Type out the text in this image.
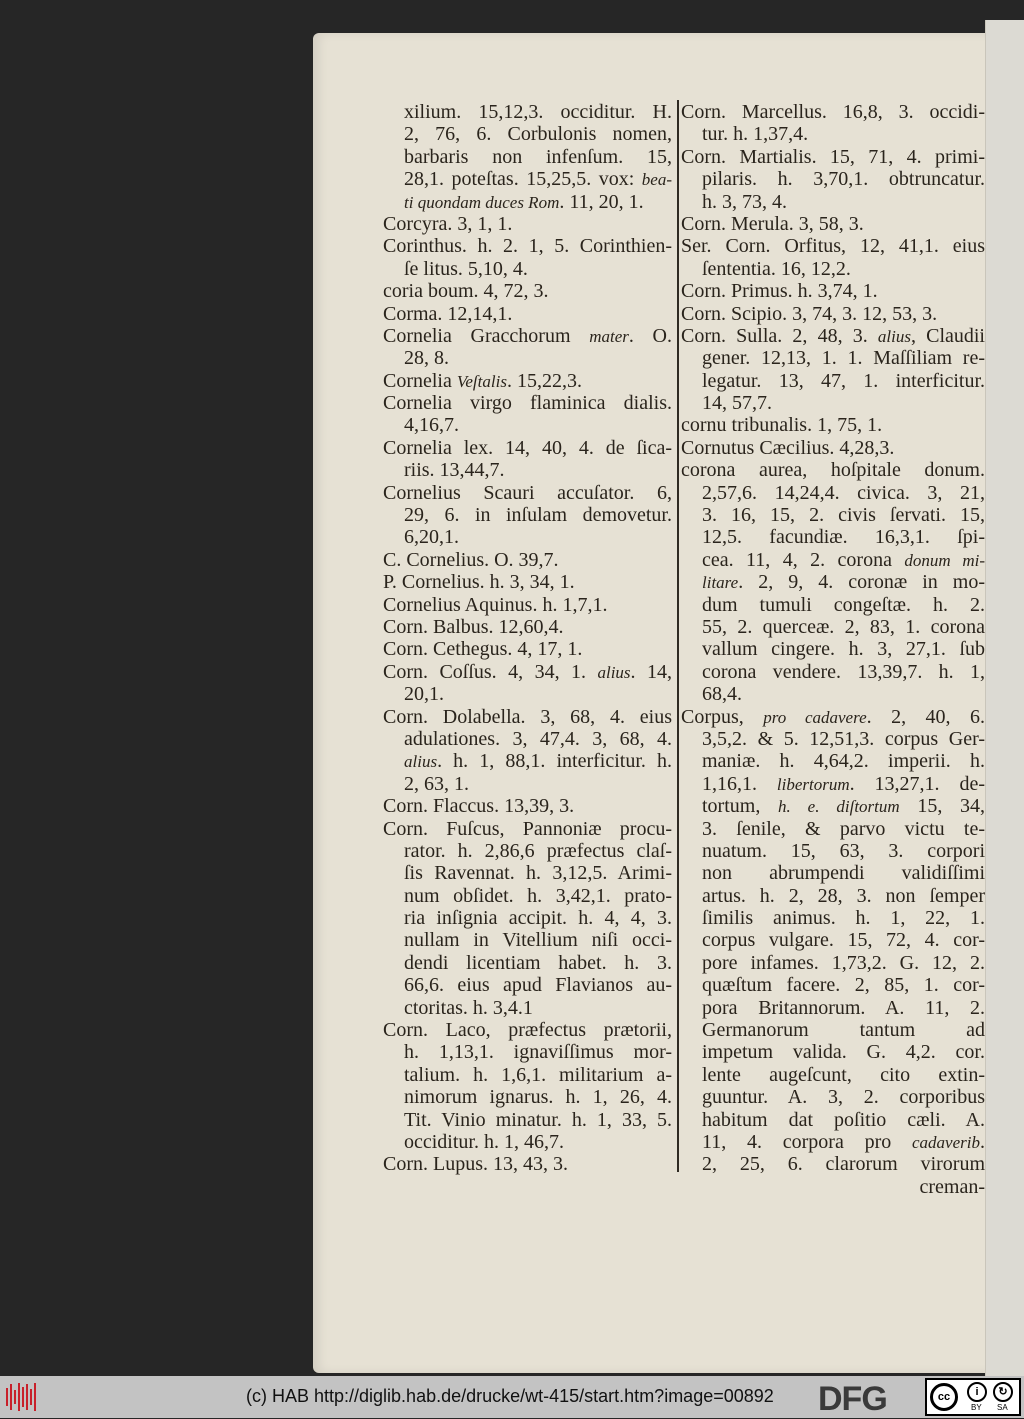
xilium. 15,12,3. occiditur. H.
2, 76, 6. Corbulonis nomen,
barbaris non infenſum. 15,
28,1. poteſtas. 15,25,5. vox: bea-
ti quondam duces Rom. 11, 20, 1.
Corcyra. 3, 1, 1.
Corinthus. h. 2. 1, 5. Corinthien-
ſe litus. 5,10, 4.
coria boum. 4, 72, 3.
Corma. 12,14,1.
Cornelia Gracchorum mater. O.
28, 8.
Cornelia Veſtalis. 15,22,3.
Cornelia virgo flaminica dialis.
4,16,7.
Cornelia lex. 14, 40, 4. de ſica-
riis. 13,44,7.
Cornelius Scauri accuſator. 6,
29, 6. in inſulam demovetur.
6,20,1.
C. Cornelius. O. 39,7.
P. Cornelius. h. 3, 34, 1.
Cornelius Aquinus. h. 1,7,1.
Corn. Balbus. 12,60,4.
Corn. Cethegus. 4, 17, 1.
Corn. Coſſus. 4, 34, 1. alius. 14,
20,1.
Corn. Dolabella. 3, 68, 4. eius
adulationes. 3, 47,4. 3, 68, 4.
alius. h. 1, 88,1. interficitur. h.
2, 63, 1.
Corn. Flaccus. 13,39, 3.
Corn. Fuſcus, Pannoniæ procu-
rator. h. 2,86,6 præfectus claſ-
ſis Ravennat. h. 3,12,5. Arimi-
num obſidet. h. 3,42,1. prato-
ria inſignia accipit. h. 4, 4, 3.
nullam in Vitellium niſi occi-
dendi licentiam habet. h. 3.
66,6. eius apud Flavianos au-
ctoritas. h. 3,4.1
Corn. Laco, præfectus prætorii,
h. 1,13,1. ignaviſſimus mor-
talium. h. 1,6,1. militarium a-
nimorum ignarus. h. 1, 26, 4.
Tit. Vinio minatur. h. 1, 33, 5.
occiditur. h. 1, 46,7.
Corn. Lupus. 13, 43, 3.
Corn. Marcellus. 16,8, 3. occidi-
tur. h. 1,37,4.
Corn. Martialis. 15, 71, 4. primi-
pilaris. h. 3,70,1. obtruncatur.
h. 3, 73, 4.
Corn. Merula. 3, 58, 3.
Ser. Corn. Orfitus, 12, 41,1. eius
ſententia. 16, 12,2.
Corn. Primus. h. 3,74, 1.
Corn. Scipio. 3, 74, 3. 12, 53, 3.
Corn. Sulla. 2, 48, 3. alius, Claudii
gener. 12,13, 1. 1. Maſſiliam re-
legatur. 13, 47, 1. interficitur.
14, 57,7.
cornu tribunalis. 1, 75, 1.
Cornutus Cæcilius. 4,28,3.
corona aurea, hoſpitale donum.
2,57,6. 14,24,4. civica. 3, 21,
3. 16, 15, 2. civis ſervati. 15,
12,5. facundiæ. 16,3,1. ſpi-
cea. 11, 4, 2. corona donum mi-
litare. 2, 9, 4. coronæ in mo-
dum tumuli congeſtæ. h. 2.
55, 2. querceæ. 2, 83, 1. corona
vallum cingere. h. 3, 27,1. ſub
corona vendere. 13,39,7. h. 1,
68,4.
Corpus, pro cadavere. 2, 40, 6.
3,5,2. & 5. 12,51,3. corpus Ger-
maniæ. h. 4,64,2. imperii. h.
1,16,1. libertorum. 13,27,1. de-
tortum, h. e. diſtortum 15, 34,
3. ſenile, & parvo victu te-
nuatum. 15, 63, 3. corpori
non abrumpendi validiſſimi
artus. h. 2, 28, 3. non ſemper
ſimilis animus. h. 1, 22, 1.
corpus vulgare. 15, 72, 4. cor-
pore infames. 1,73,2. G. 12, 2.
quæſtum facere. 2, 85, 1. cor-
pora Britannorum. A. 11, 2.
Germanorum tantum ad
impetum valida. G. 4,2. cor.
lente augeſcunt, cito extin-
guuntur. A. 3, 2. corporibus
habitum dat poſitio cæli. A.
11, 4. corpora pro cadaverib.
2, 25, 6. clarorum virorum
creman-
(c) HAB http://diglib.hab.de/drucke/wt-415/start.htm?image=00892 DFG	cc	i	↻
BY SA
